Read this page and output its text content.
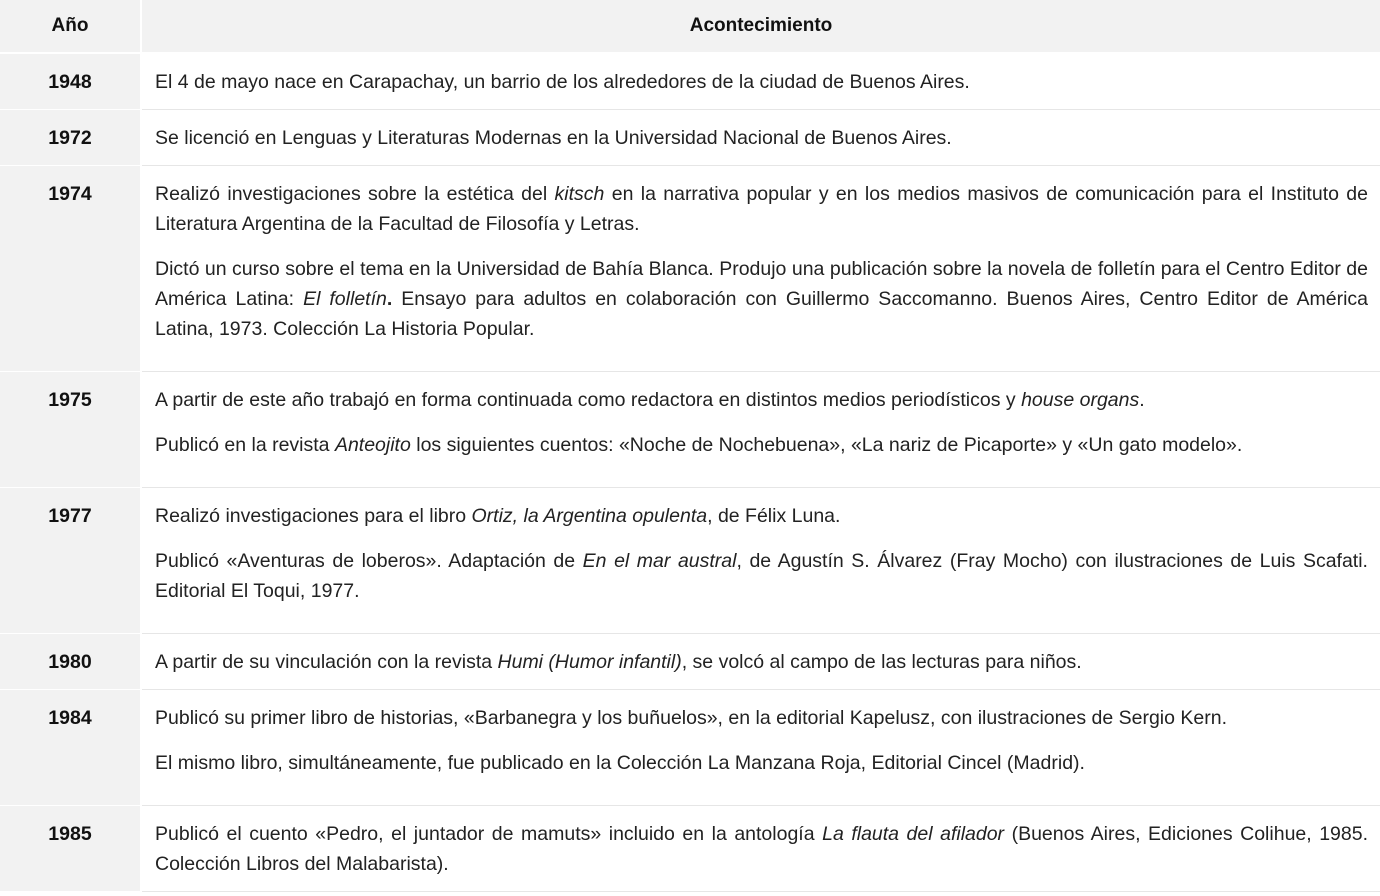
Año	Acontecimiento
1948	El 4 de mayo nace en Carapachay, un barrio de los alrededores de la ciudad de Buenos Aires.

1972	Se licenció en Lenguas y Literaturas Modernas en la Universidad Nacional de Buenos Aires.

1974	Realizó investigaciones sobre la estética del kitsch en la narrativa popular y en los medios masivos de comunicación para el Instituto de Literatura Argentina de la Facultad de Filosofía y Letras.

Dictó un curso sobre el tema en la Universidad de Bahía Blanca. Produjo una publicación sobre la novela de folletín para el Centro Editor de América Latina: El folletín. Ensayo para adultos en colaboración con Guillermo Saccomanno. Buenos Aires, Centro Editor de América Latina, 1973. Colección La Historia Popular.

1975	A partir de este año trabajó en forma continuada como redactora en distintos medios periodísticos y house organs.

Publicó en la revista Anteojito los siguientes cuentos: «Noche de Nochebuena», «La nariz de Picaporte» y «Un gato modelo».

1977	Realizó investigaciones para el libro Ortiz, la Argentina opulenta, de Félix Luna.

Publicó «Aventuras de loberos». Adaptación de En el mar austral, de Agustín S. Álvarez (Fray Mocho) con ilustraciones de Luis Scafati. Editorial El Toqui, 1977.

1980	A partir de su vinculación con la revista Humi (Humor infantil), se volcó al campo de las lecturas para niños.

1984	Publicó su primer libro de historias, «Barbanegra y los buñuelos», en la editorial Kapelusz, con ilustraciones de Sergio Kern.

El mismo libro, simultáneamente, fue publicado en la Colección La Manzana Roja, Editorial Cincel (Madrid).

1985	Publicó el cuento «Pedro, el juntador de mamuts» incluido en la antología La flauta del afilador (Buenos Aires, Ediciones Colihue, 1985. Colección Libros del Malabarista).
